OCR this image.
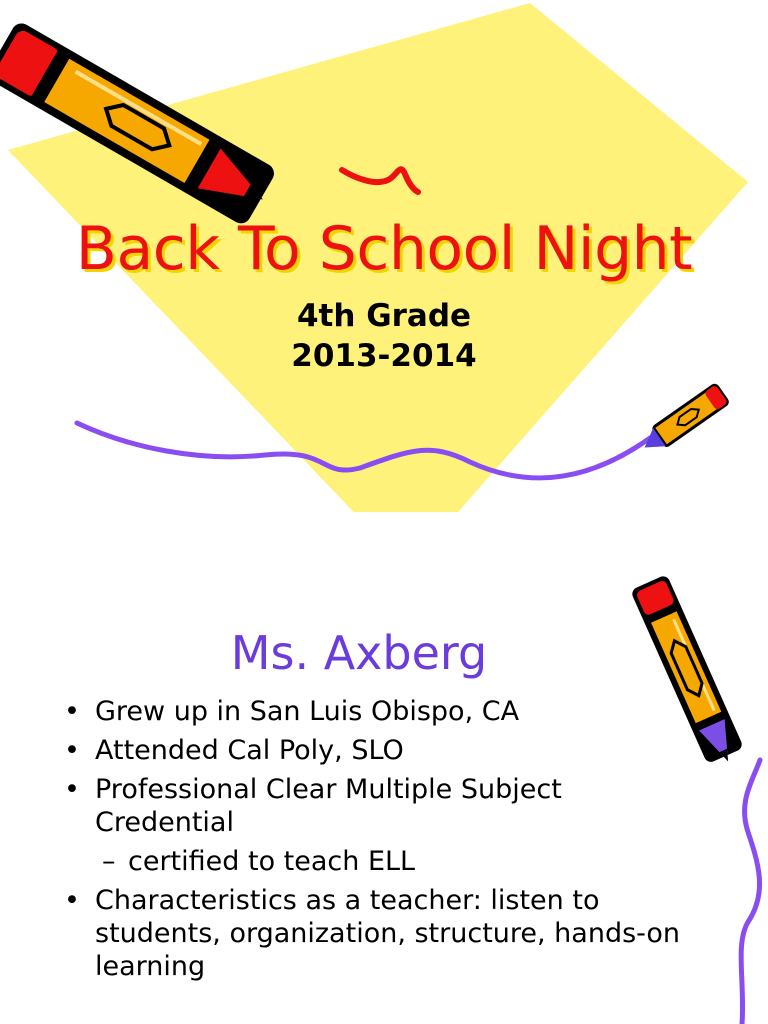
Back To School Night

4th Grade

2013-2014

Ms. Axberg
• Grew up in San Luis Obispo, CA
• Attended Cal Poly, SLO
• Professional Clear Multiple Subject Credential
– certified to teach ELL
• Characteristics as a teacher: listen to students, organization, structure, hands-on learning
